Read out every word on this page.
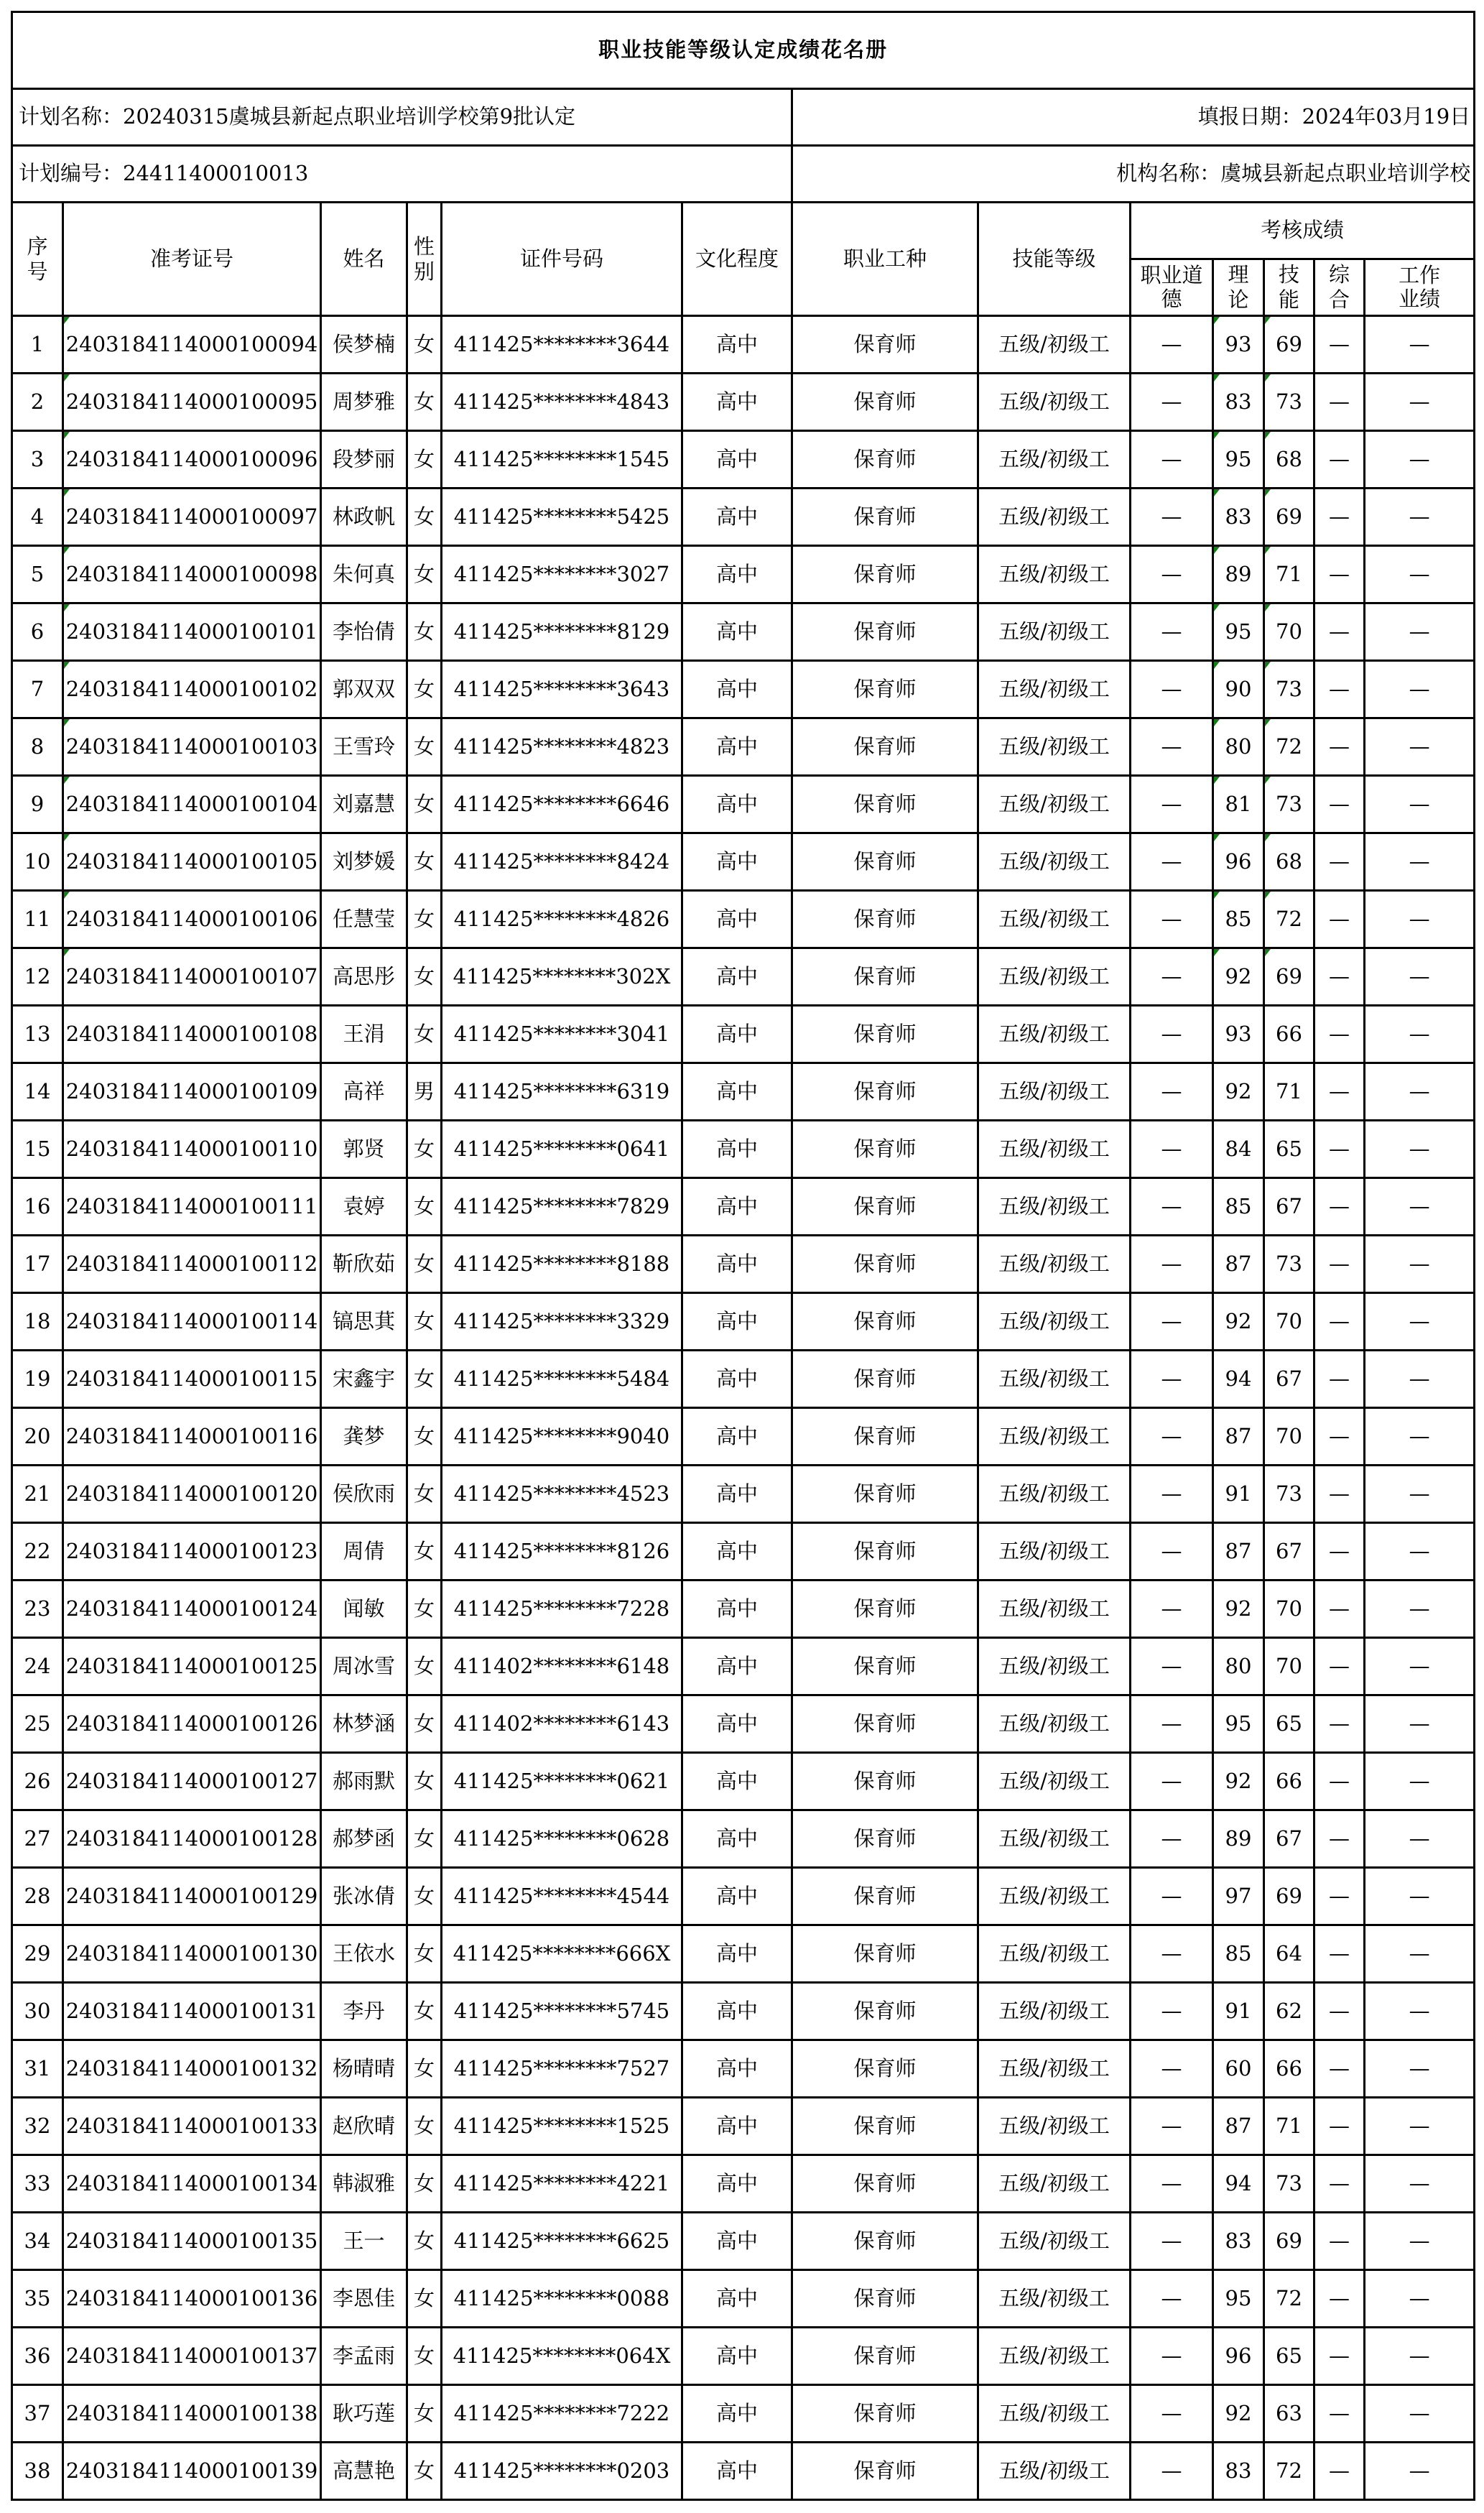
职业技能等级认定成绩花名册												
计划名称：20240315虞城县新起点职业培训学校第9批认定						填报日期：2024年03月19日						
计划编号：24411400010013						机构名称：虞城县新起点职业培训学校						
序号	准考证号	姓名	性别	证件号码	文化程度	职业工种	技能等级	考核成绩				
								职业道德	理论	技能	综合	工作业绩
1	2403184114000100094	侯梦楠	女	411425********3644	高中	保育师	五级/初级工	—	93	69	—	—
2	2403184114000100095	周梦雅	女	411425********4843	高中	保育师	五级/初级工	—	83	73	—	—
3	2403184114000100096	段梦丽	女	411425********1545	高中	保育师	五级/初级工	—	95	68	—	—
4	2403184114000100097	林政帆	女	411425********5425	高中	保育师	五级/初级工	—	83	69	—	—
5	2403184114000100098	朱何真	女	411425********3027	高中	保育师	五级/初级工	—	89	71	—	—
6	2403184114000100101	李怡倩	女	411425********8129	高中	保育师	五级/初级工	—	95	70	—	—
7	2403184114000100102	郭双双	女	411425********3643	高中	保育师	五级/初级工	—	90	73	—	—
8	2403184114000100103	王雪玲	女	411425********4823	高中	保育师	五级/初级工	—	80	72	—	—
9	2403184114000100104	刘嘉慧	女	411425********6646	高中	保育师	五级/初级工	—	81	73	—	—
10	2403184114000100105	刘梦媛	女	411425********8424	高中	保育师	五级/初级工	—	96	68	—	—
11	2403184114000100106	任慧莹	女	411425********4826	高中	保育师	五级/初级工	—	85	72	—	—
12	2403184114000100107	高思彤	女	411425********302X	高中	保育师	五级/初级工	—	92	69	—	—
13	2403184114000100108	王涓	女	411425********3041	高中	保育师	五级/初级工	—	93	66	—	—
14	2403184114000100109	高祥	男	411425********6319	高中	保育师	五级/初级工	—	92	71	—	—
15	2403184114000100110	郭贤	女	411425********0641	高中	保育师	五级/初级工	—	84	65	—	—
16	2403184114000100111	袁婷	女	411425********7829	高中	保育师	五级/初级工	—	85	67	—	—
17	2403184114000100112	靳欣茹	女	411425********8188	高中	保育师	五级/初级工	—	87	73	—	—
18	2403184114000100114	镐思萁	女	411425********3329	高中	保育师	五级/初级工	—	92	70	—	—
19	2403184114000100115	宋鑫宇	女	411425********5484	高中	保育师	五级/初级工	—	94	67	—	—
20	2403184114000100116	龚梦	女	411425********9040	高中	保育师	五级/初级工	—	87	70	—	—
21	2403184114000100120	侯欣雨	女	411425********4523	高中	保育师	五级/初级工	—	91	73	—	—
22	2403184114000100123	周倩	女	411425********8126	高中	保育师	五级/初级工	—	87	67	—	—
23	2403184114000100124	闻敏	女	411425********7228	高中	保育师	五级/初级工	—	92	70	—	—
24	2403184114000100125	周冰雪	女	411402********6148	高中	保育师	五级/初级工	—	80	70	—	—
25	2403184114000100126	林梦涵	女	411402********6143	高中	保育师	五级/初级工	—	95	65	—	—
26	2403184114000100127	郝雨默	女	411425********0621	高中	保育师	五级/初级工	—	92	66	—	—
27	2403184114000100128	郝梦函	女	411425********0628	高中	保育师	五级/初级工	—	89	67	—	—
28	2403184114000100129	张冰倩	女	411425********4544	高中	保育师	五级/初级工	—	97	69	—	—
29	2403184114000100130	王依水	女	411425********666X	高中	保育师	五级/初级工	—	85	64	—	—
30	2403184114000100131	李丹	女	411425********5745	高中	保育师	五级/初级工	—	91	62	—	—
31	2403184114000100132	杨晴晴	女	411425********7527	高中	保育师	五级/初级工	—	60	66	—	—
32	2403184114000100133	赵欣晴	女	411425********1525	高中	保育师	五级/初级工	—	87	71	—	—
33	2403184114000100134	韩淑雅	女	411425********4221	高中	保育师	五级/初级工	—	94	73	—	—
34	2403184114000100135	王一	女	411425********6625	高中	保育师	五级/初级工	—	83	69	—	—
35	2403184114000100136	李恩佳	女	411425********0088	高中	保育师	五级/初级工	—	95	72	—	—
36	2403184114000100137	李孟雨	女	411425********064X	高中	保育师	五级/初级工	—	96	65	—	—
37	2403184114000100138	耿巧莲	女	411425********7222	高中	保育师	五级/初级工	—	92	63	—	—
38	2403184114000100139	高慧艳	女	411425********0203	高中	保育师	五级/初级工	—	83	72	—	—
